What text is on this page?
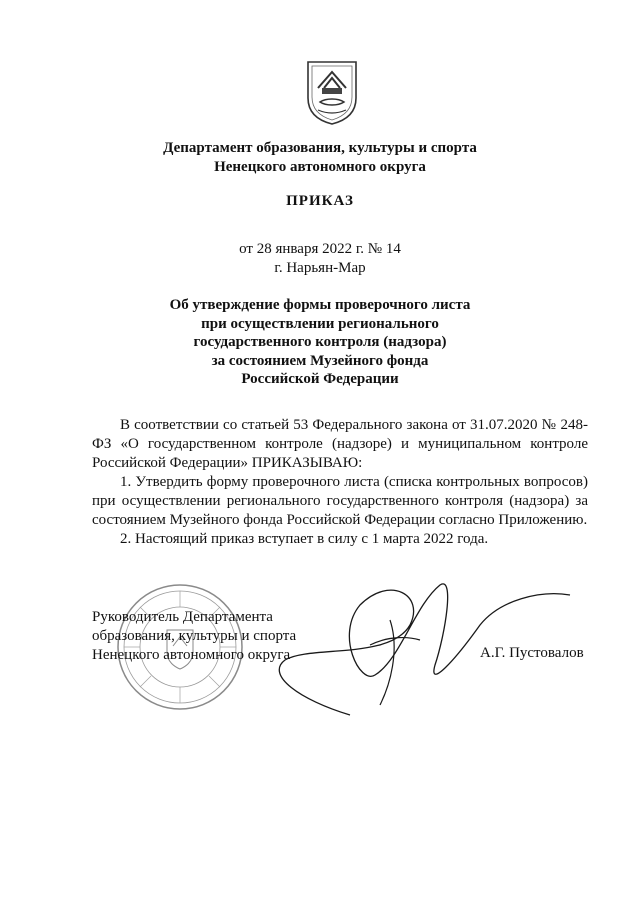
Департамент образования, культуры и спорта
Ненецкого автономного округа
ПРИКАЗ
от 28 января 2022 г. № 14
г. Нарьян-Мар
Об утверждение формы проверочного листа
при осуществлении регионального
государственного контроля (надзора)
за состоянием Музейного фонда
Российской Федерации

В соответствии со статьей 53 Федерального закона от 31.07.2020 № 248-ФЗ «О государственном контроле (надзоре) и муниципальном контроле Российской Федерации» ПРИКАЗЫВАЮ:

1. Утвердить форму проверочного листа (списка контрольных вопросов) при осуществлении регионального государственного контроля (надзора) за состоянием Музейного фонда Российской Федерации согласно Приложению.

2. Настоящий приказ вступает в силу с 1 марта 2022 года.

Руководитель Департамента
образования, культуры и спорта
Ненецкого автономного округа	А.Г. Пустовалов
